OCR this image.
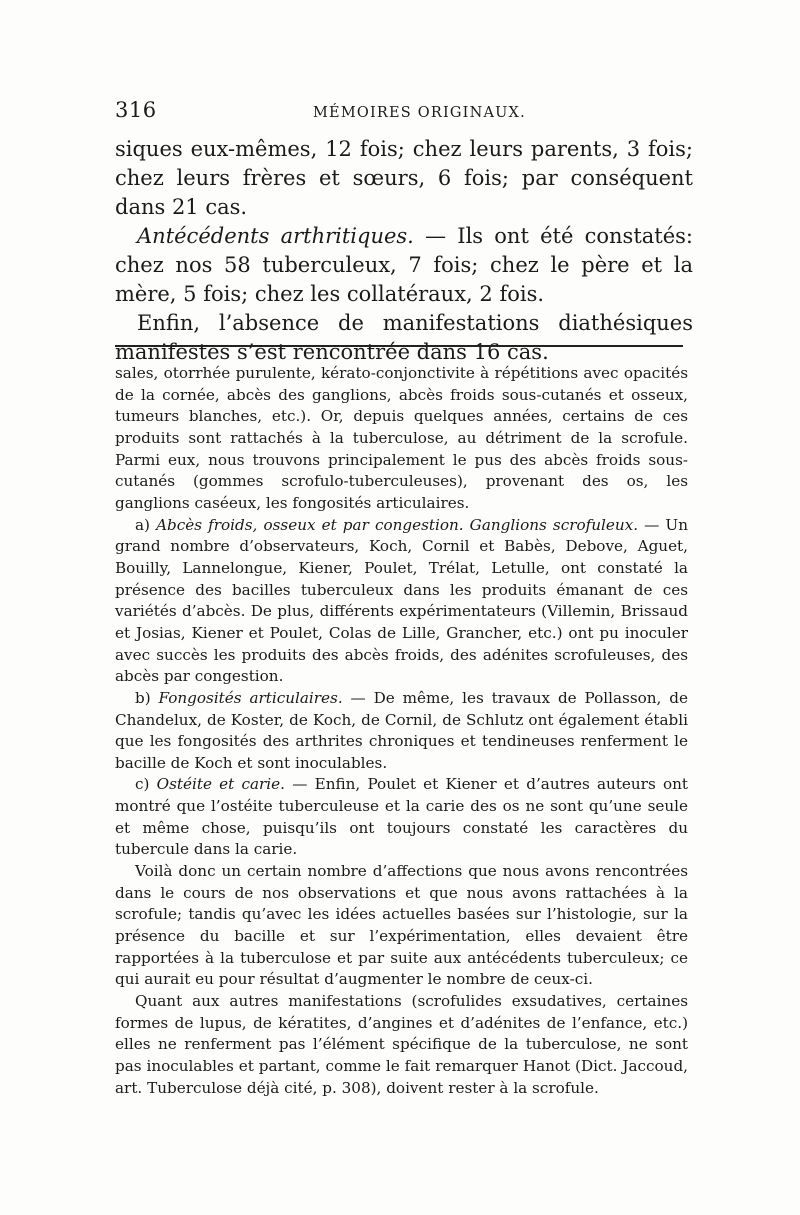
316	MÉMOIRES ORIGINAUX.

siques eux-mêmes, 12 fois; chez leurs parents, 3 fois; chez leurs frères et sœurs, 6 fois; par conséquent dans 21 cas.

Antécédents arthritiques. — Ils ont été constatés: chez nos 58 tuberculeux, 7 fois; chez le père et la mère, 5 fois; chez les collatéraux, 2 fois.

Enfin, l’absence de manifestations diathésiques manifestes s’est rencontrée dans 16 cas.

sales, otorrhée purulente, kérato-conjonctivite à répétitions avec opacités de la cornée, abcès des ganglions, abcès froids sous-cutanés et osseux, tumeurs blanches, etc.). Or, depuis quelques années, certains de ces produits sont rattachés à la tuberculose, au détriment de la scrofule. Parmi eux, nous trouvons principalement le pus des abcès froids sous-cutanés (gommes scrofulo-tuberculeuses), provenant des os, les ganglions caséeux, les fongosités articulaires.

a) Abcès froids, osseux et par congestion. Ganglions scrofuleux. — Un grand nombre d’observateurs, Koch, Cornil et Babès, Debove, Aguet, Bouilly, Lannelongue, Kiener, Poulet, Trélat, Letulle, ont constaté la présence des bacilles tuberculeux dans les produits émanant de ces variétés d’abcès. De plus, différents expérimentateurs (Villemin, Brissaud et Josias, Kiener et Poulet, Colas de Lille, Grancher, etc.) ont pu inoculer avec succès les produits des abcès froids, des adénites scrofuleuses, des abcès par congestion.

b) Fongosités articulaires. — De même, les travaux de Pollasson, de Chandelux, de Koster, de Koch, de Cornil, de Schlutz ont également établi que les fongosités des arthrites chroniques et tendineuses renferment le bacille de Koch et sont inoculables.

c) Ostéite et carie. — Enfin, Poulet et Kiener et d’autres auteurs ont montré que l’ostéite tuberculeuse et la carie des os ne sont qu’une seule et même chose, puisqu’ils ont toujours constaté les caractères du tubercule dans la carie.

Voilà donc un certain nombre d’affections que nous avons rencontrées dans le cours de nos observations et que nous avons rattachées à la scrofule; tandis qu’avec les idées actuelles basées sur l’histologie, sur la présence du bacille et sur l’expérimentation, elles devaient être rapportées à la tuberculose et par suite aux antécédents tuberculeux; ce qui aurait eu pour résultat d’augmenter le nombre de ceux-ci.

Quant aux autres manifestations (scrofulides exsudatives, certaines formes de lupus, de kératites, d’angines et d’adénites de l’enfance, etc.) elles ne renferment pas l’élément spécifique de la tuberculose, ne sont pas inoculables et partant, comme le fait remarquer Hanot (Dict. Jaccoud, art. Tuberculose déjà cité, p. 308), doivent rester à la scrofule.
